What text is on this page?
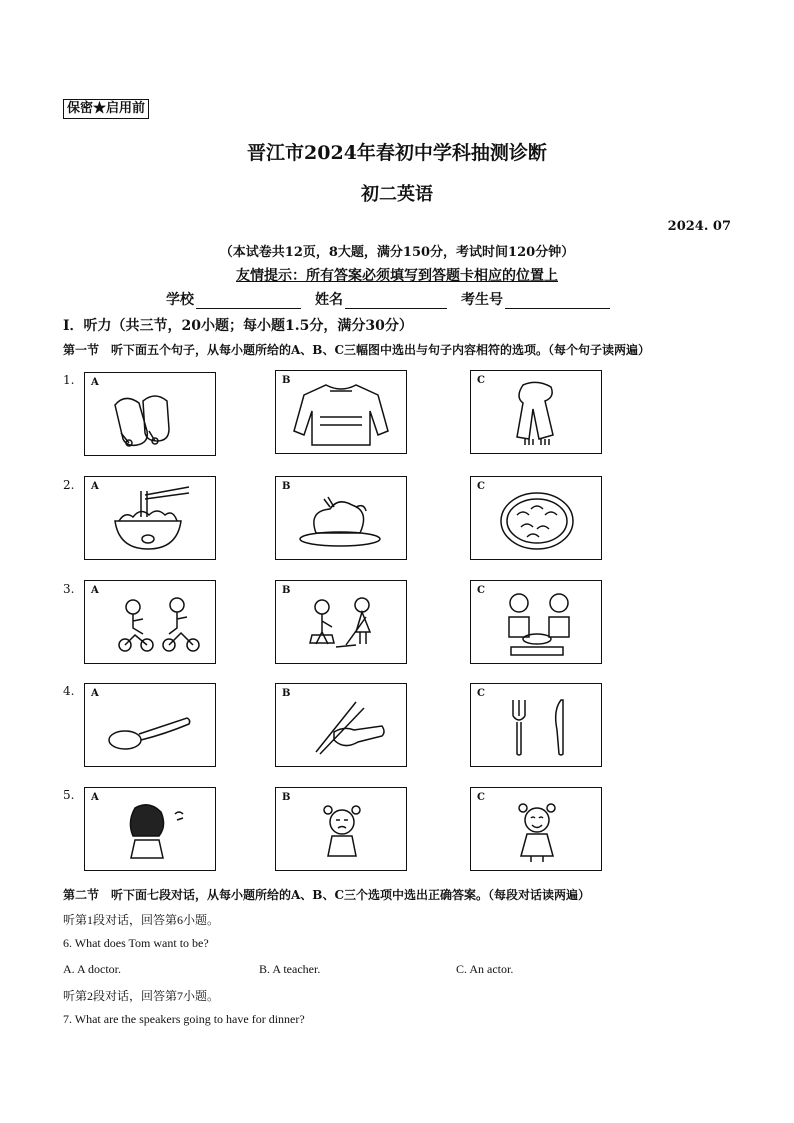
保密★启用前
晋江市2024年春初中学科抽测诊断
初二英语
2024. 07
（本试卷共12页，8大题，满分150分，考试时间120分钟）
友情提示：所有答案必须填写到答题卡相应的位置上
学校	姓名	考生号
Ⅰ．听力（共三节，20小题；每小题1.5分，满分30分）
第一节　听下面五个句子，从每小题所给的A、B、C三幅图中选出与句子内容相符的选项。（每个句子读两遍）
1.
2.
3.
4.
5.
A	B	C
A	B	C
A	B	C
A	B	C
A	B	C
第二节　听下面七段对话，从每小题所给的A、B、C三个选项中选出正确答案。（每段对话读两遍）
听第1段对话，回答第6小题。
6. What does Tom want to be?
A. A doctor.	B. A teacher.	C. An actor.
听第2段对话，回答第7小题。
7. What are the speakers going to have for dinner?
